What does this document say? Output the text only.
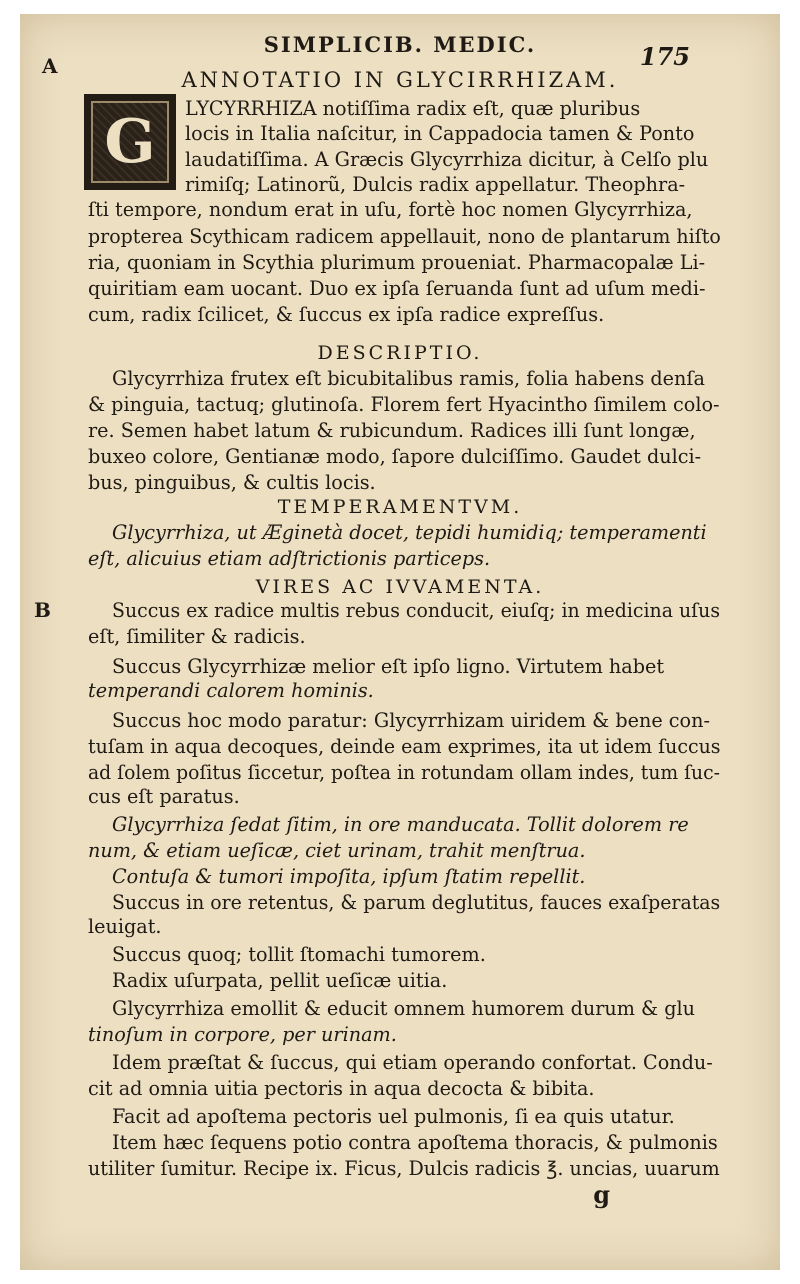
SIMPLICIB. MEDIC.	175
A
ANNOTATIO IN GLYCIRRHIZAM.
G	LYCYRRHIZA notiſſima radix eſt, quæ pluribus
locis in Italia naſcitur, in Cappadocia tamen & Ponto
laudatiſſima. A Græcis Glycyrrhiza dicitur, à Celſo plu
rimiſq; Latinorũ, Dulcis radix appellatur. Theophra-
ſti tempore, nondum erat in uſu, fortè hoc nomen Glycyrrhiza,
propterea Scythicam radicem appellauit, nono de plantarum hiſto
ria, quoniam in Scythia plurimum proueniat. Pharmacopalæ Li-
quiritiam eam uocant. Duo ex ipſa ſeruanda ſunt ad uſum medi-
cum, radix ſcilicet, & ſuccus ex ipſa radice expreſſus.
DESCRIPTIO.
Glycyrrhiza frutex eſt bicubitalibus ramis, folia habens denſa
& pinguia, tactuq; glutinoſa. Florem fert Hyacintho ſimilem colo-
re. Semen habet latum & rubicundum. Radices illi ſunt longæ,
buxeo colore, Gentianæ modo, ſapore dulciſſimo. Gaudet dulci-
bus, pinguibus, & cultis locis.
TEMPERAMENTVM.
Glycyrrhiza, ut Æginetà docet, tepidi humidiq; temperamenti
eſt, alicuius etiam adſtrictionis particeps.
VIRES AC IVVAMENTA.
B	Succus ex radice multis rebus conducit, eiuſq; in medicina uſus
eſt, ſimiliter & radicis.
Succus Glycyrrhizæ melior eſt ipſo ligno. Virtutem habet
temperandi calorem hominis.
Succus hoc modo paratur: Glycyrrhizam uiridem & bene con-
tuſam in aqua decoques, deinde eam exprimes, ita ut idem ſuccus
ad ſolem poſitus ſiccetur, poſtea in rotundam ollam indes, tum ſuc-
cus eſt paratus.
Glycyrrhiza ſedat ſitim, in ore manducata. Tollit dolorem re
num, & etiam ueſicæ, ciet urinam, trahit menſtrua.
Contuſa & tumori impoſita, ipſum ſtatim repellit.
Succus in ore retentus, & parum deglutitus, fauces exaſperatas
leuigat.
Succus quoq; tollit ſtomachi tumorem.
Radix uſurpata, pellit ueſicæ uitia.
Glycyrrhiza emollit & educit omnem humorem durum & glu
tinoſum in corpore, per urinam.
Idem præſtat & ſuccus, qui etiam operando confortat. Condu-
cit ad omnia uitia pectoris in aqua decocta & bibita.
Facit ad apoſtema pectoris uel pulmonis, ſi ea quis utatur.
Item hæc ſequens potio contra apoſtema thoracis, & pulmonis
utiliter ſumitur. Recipe ix. Ficus, Dulcis radicis ℥. uncias, uuarum
g
